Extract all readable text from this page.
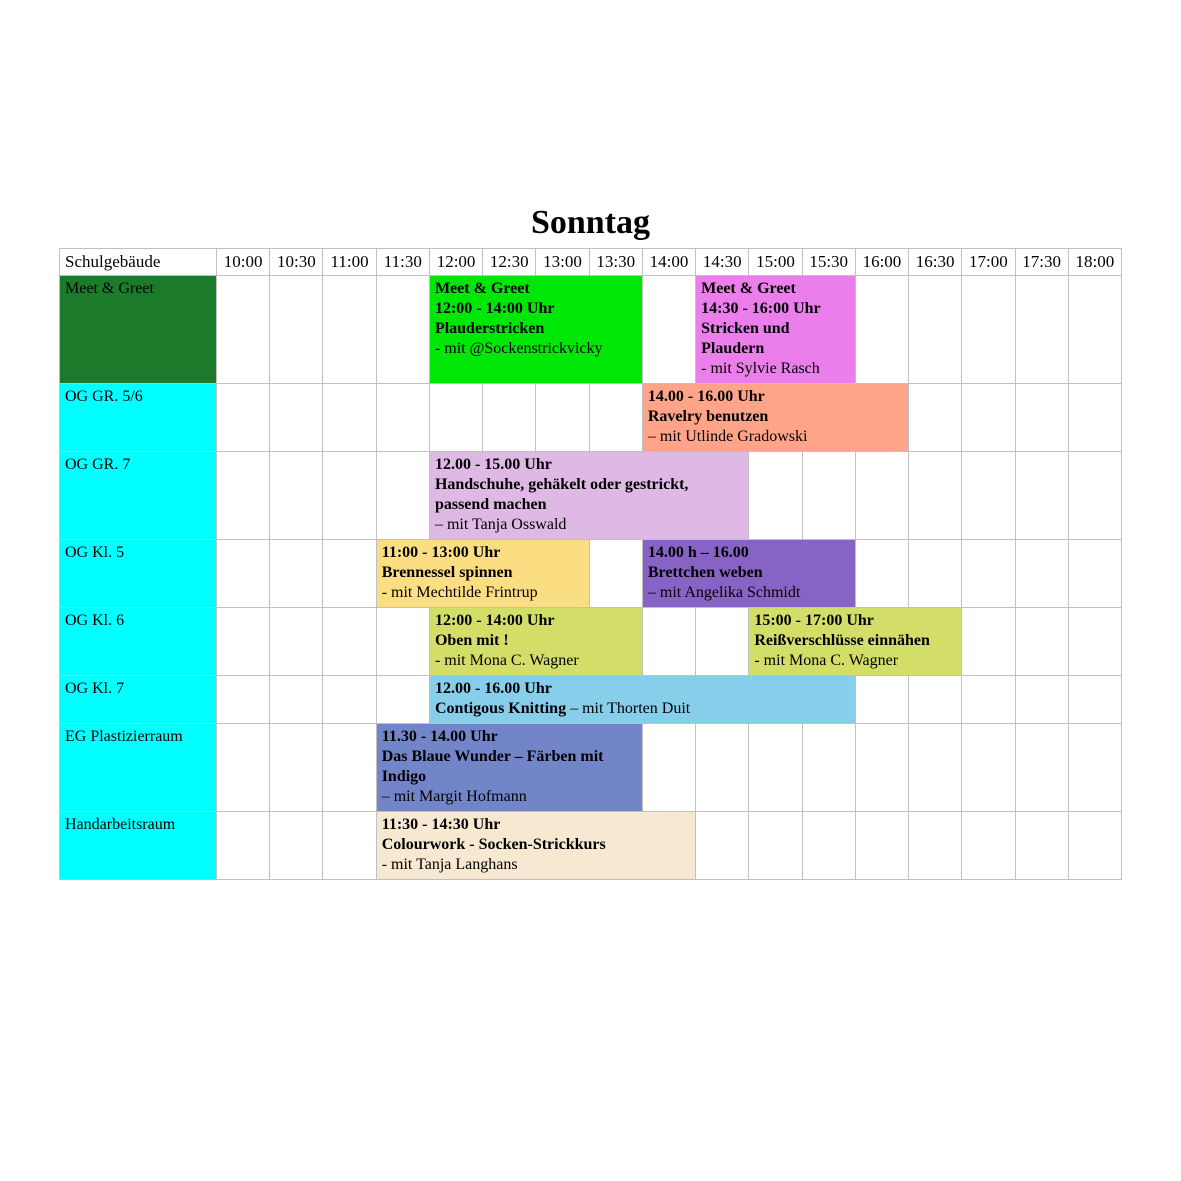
Sonntag
Schulgebäude	10:00 10:30 11:00 11:30 12:00 12:30 13:00 13:30 14:00 14:30 15:00 15:30 16:00 16:30 17:00 17:30 18:00
Meet & Greet	Meet & Greet
12:00 - 14:00 Uhr
Plauderstricken
- mit @Sockenstrickvicky
Meet & Greet
14:30 - 16:00 Uhr
Stricken und Plaudern
- mit Sylvie Rasch
OG GR. 5/6	14.00 - 16.00 Uhr
Ravelry benutzen
– mit Utlinde Gradowski
OG GR. 7	12.00 - 15.00 Uhr
Handschuhe, gehäkelt oder gestrickt, passend machen
– mit Tanja Osswald
OG Kl. 5	11:00 - 13:00 Uhr
Brennessel spinnen
- mit Mechtilde Frintrup
14.00 h – 16.00
Brettchen weben
– mit Angelika Schmidt
OG Kl. 6	12:00 - 14:00 Uhr
Oben mit !
- mit Mona C. Wagner
15:00 - 17:00 Uhr
Reißverschlüsse einnähen
- mit Mona C. Wagner
OG Kl. 7	12.00 - 16.00 Uhr
Contigous Knitting – mit Thorten Duit
EG Plastizierraum	11.30 - 14.00 Uhr
Das Blaue Wunder – Färben mit Indigo
– mit Margit Hofmann
Handarbeitsraum	11:30 - 14:30 Uhr
Colourwork - Socken-Strickkurs
- mit Tanja Langhans
